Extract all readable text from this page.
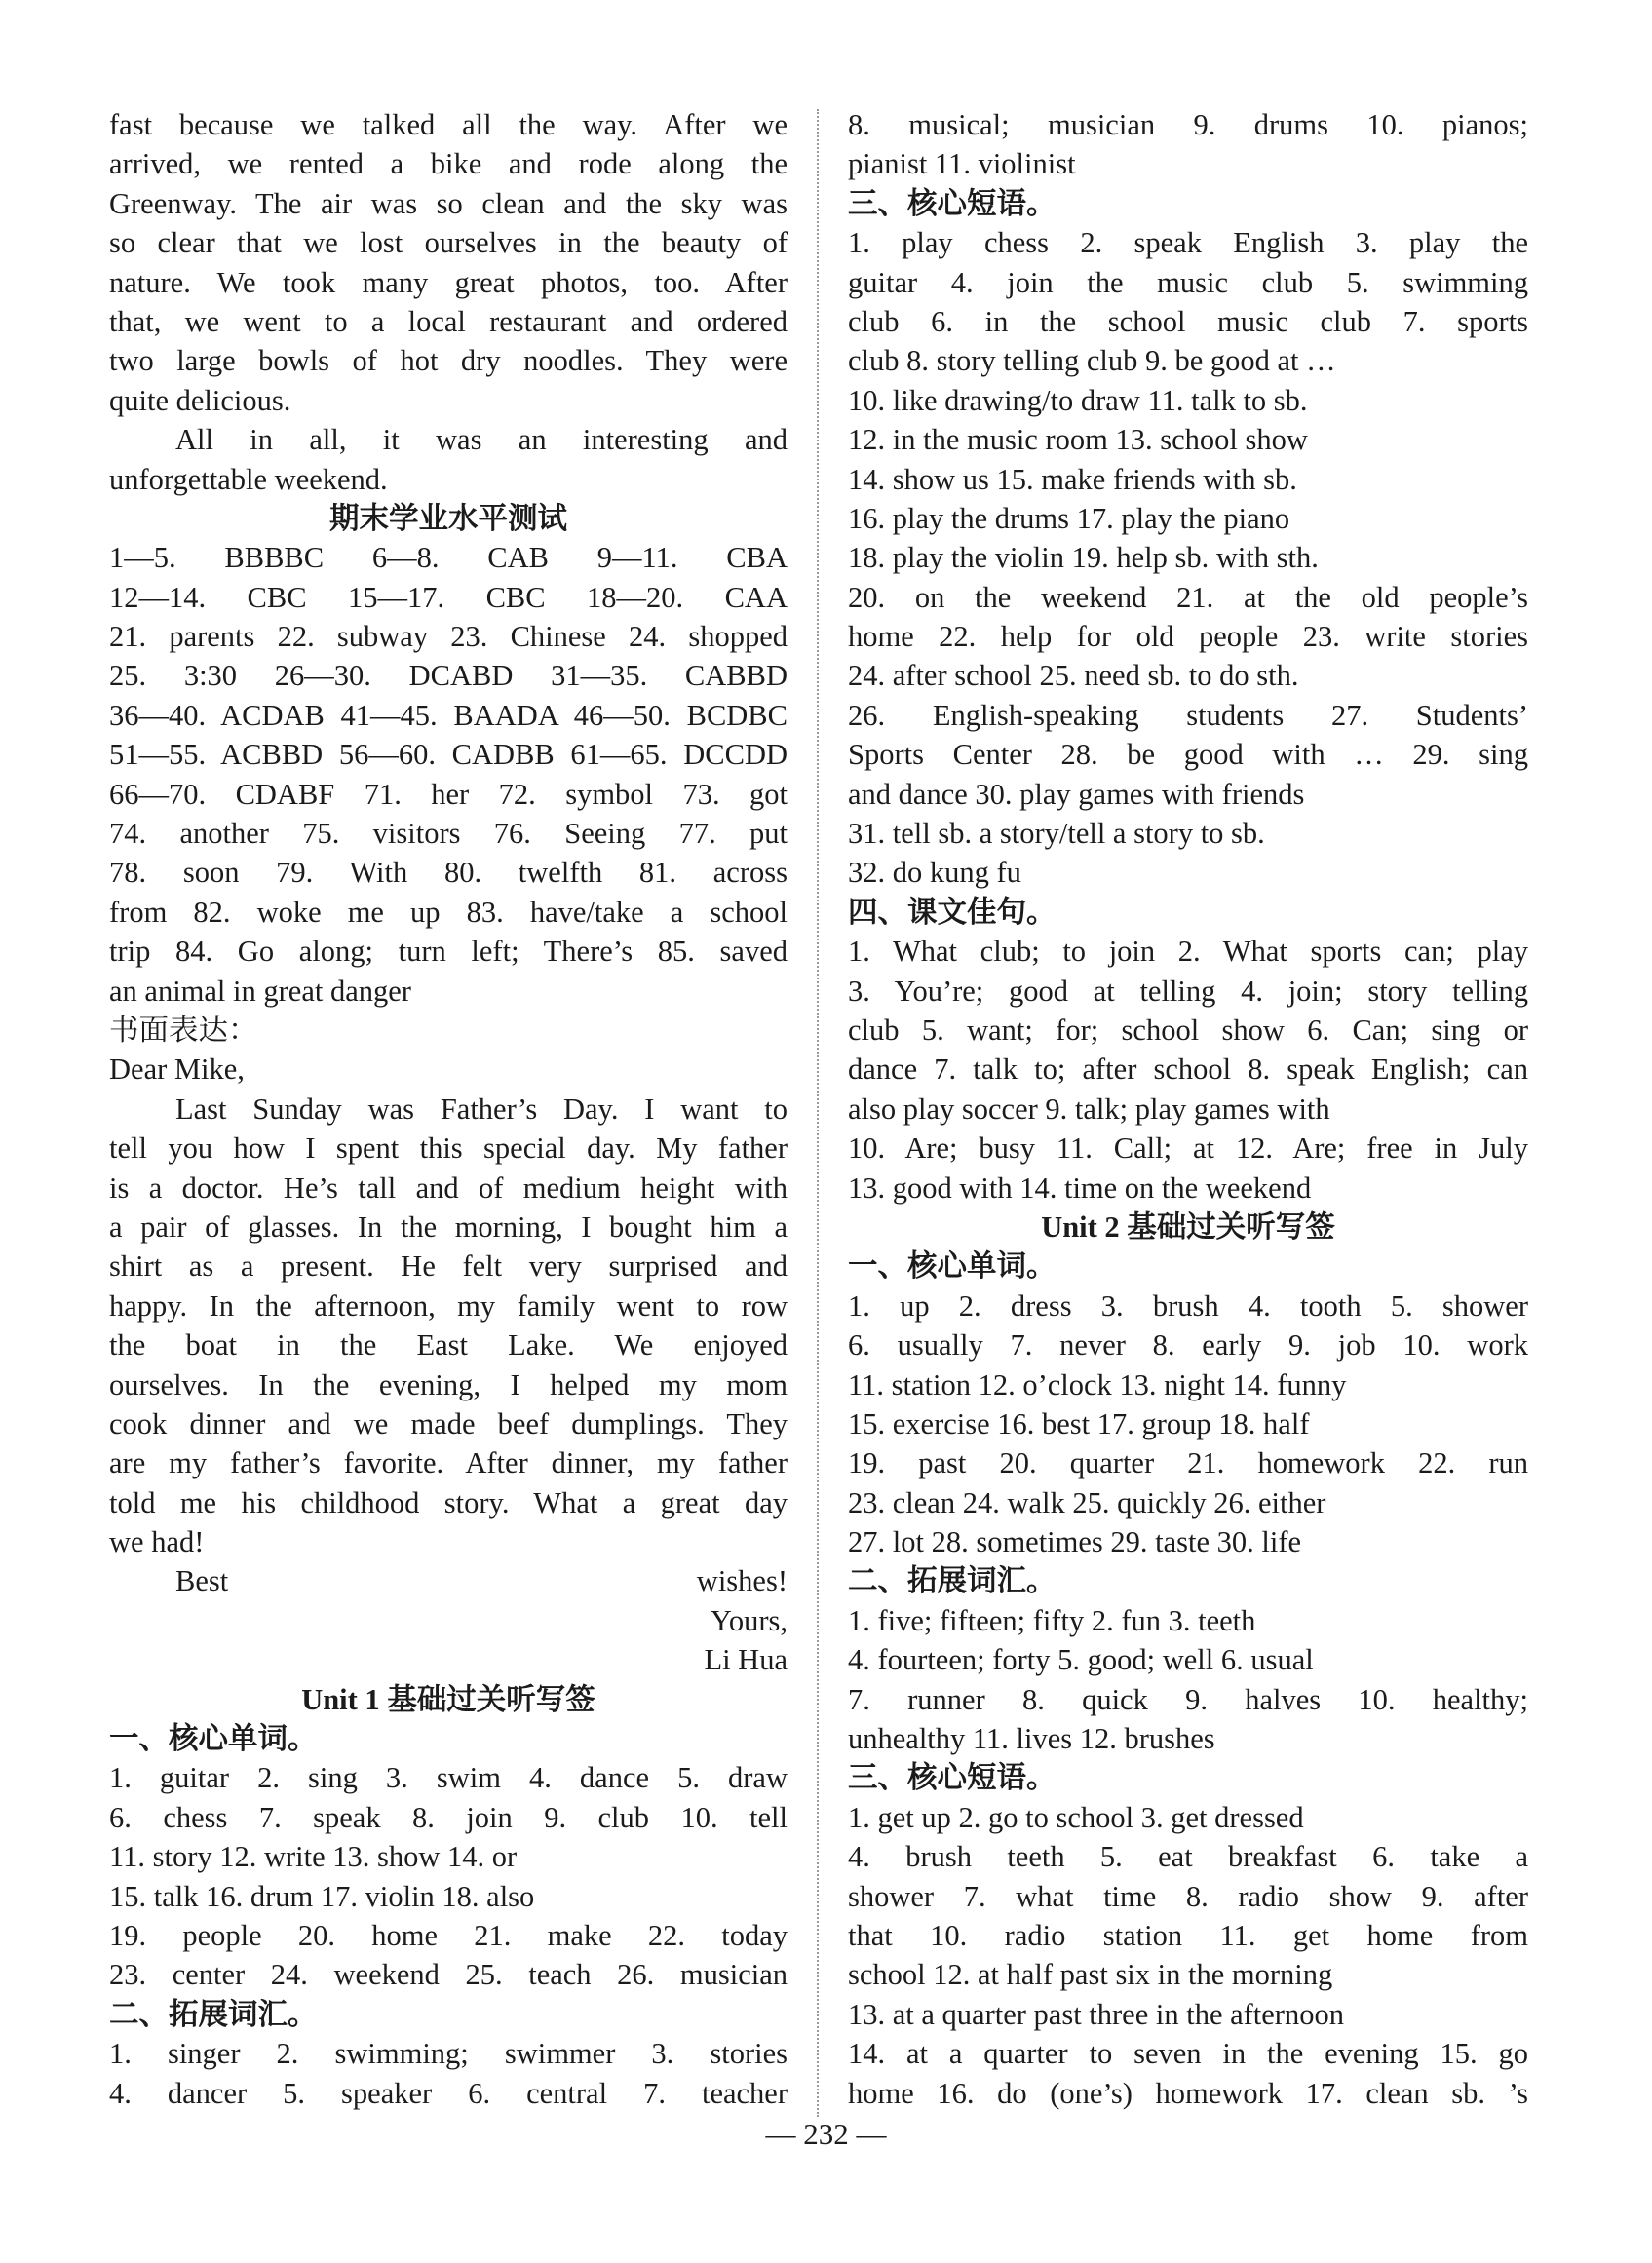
fast because we talked all the way. After we
arrived, we rented a bike and rode along the
Greenway. The air was so clean and the sky was
so clear that we lost ourselves in the beauty of
nature. We took many great photos, too. After
that, we went to a local restaurant and ordered
two large bowls of hot dry noodles. They were
quite delicious.
All in all, it was an interesting and
unforgettable weekend.
期末学业水平测试
1—5. BBBBC 6—8. CAB 9—11. CBA
12—14. CBC 15—17. CBC 18—20. CAA
21. parents 22. subway 23. Chinese 24. shopped
25. 3:30 26—30. DCABD 31—35. CABBD
36—40. ACDAB 41—45. BAADA 46—50. BCDBC
51—55. ACBBD 56—60. CADBB 61—65. DCCDD
66—70. CDABF 71. her 72. symbol 73. got
74. another 75. visitors 76. Seeing 77. put
78. soon 79. With 80. twelfth 81. across
from 82. woke me up 83. have/take a school
trip 84. Go along; turn left; There’s 85. saved
an animal in great danger
书面表达：
Dear Mike,
Last Sunday was Father’s Day. I want to
tell you how I spent this special day. My father
is a doctor. He’s tall and of medium height with
a pair of glasses. In the morning, I bought him a
shirt as a present. He felt very surprised and
happy. In the afternoon, my family went to row
the boat in the East Lake. We enjoyed
ourselves. In the evening, I helped my mom
cook dinner and we made beef dumplings. They
are my father’s favorite. After dinner, my father
told me his childhood story. What a great day
we had!
Best wishes!
Yours,
Li Hua
Unit 1 基础过关听写签
一、核心单词。
1. guitar 2. sing 3. swim 4. dance 5. draw
6. chess 7. speak 8. join 9. club 10. tell
11. story 12. write 13. show 14. or
15. talk 16. drum 17. violin 18. also
19. people 20. home 21. make 22. today
23. center 24. weekend 25. teach 26. musician
二、拓展词汇。
1. singer 2. swimming; swimmer 3. stories
4. dancer 5. speaker 6. central 7. teacher
8. musical; musician 9. drums 10. pianos;
pianist 11. violinist
三、核心短语。
1. play chess 2. speak English 3. play the
guitar 4. join the music club 5. swimming
club 6. in the school music club 7. sports
club 8. story telling club 9. be good at …
10. like drawing/to draw 11. talk to sb.
12. in the music room 13. school show
14. show us 15. make friends with sb.
16. play the drums 17. play the piano
18. play the violin 19. help sb. with sth.
20. on the weekend 21. at the old people’s
home 22. help for old people 23. write stories
24. after school 25. need sb. to do sth.
26. English-speaking students 27. Students’
Sports Center 28. be good with … 29. sing
and dance 30. play games with friends
31. tell sb. a story/tell a story to sb.
32. do kung fu
四、课文佳句。
1. What club; to join 2. What sports can; play
3. You’re; good at telling 4. join; story telling
club 5. want; for; school show 6. Can; sing or
dance 7. talk to; after school 8. speak English; can
also play soccer 9. talk; play games with
10. Are; busy 11. Call; at 12. Are; free in July
13. good with 14. time on the weekend
Unit 2 基础过关听写签
一、核心单词。
1. up 2. dress 3. brush 4. tooth 5. shower
6. usually 7. never 8. early 9. job 10. work
11. station 12. o’clock 13. night 14. funny
15. exercise 16. best 17. group 18. half
19. past 20. quarter 21. homework 22. run
23. clean 24. walk 25. quickly 26. either
27. lot 28. sometimes 29. taste 30. life
二、拓展词汇。
1. five; fifteen; fifty 2. fun 3. teeth
4. fourteen; forty 5. good; well 6. usual
7. runner 8. quick 9. halves 10. healthy;
unhealthy 11. lives 12. brushes
三、核心短语。
1. get up 2. go to school 3. get dressed
4. brush teeth 5. eat breakfast 6. take a
shower 7. what time 8. radio show 9. after
that 10. radio station 11. get home from
school 12. at half past six in the morning
13. at a quarter past three in the afternoon
14. at a quarter to seven in the evening 15. go
home 16. do (one’s) homework 17. clean sb. ’s
— 232 —
